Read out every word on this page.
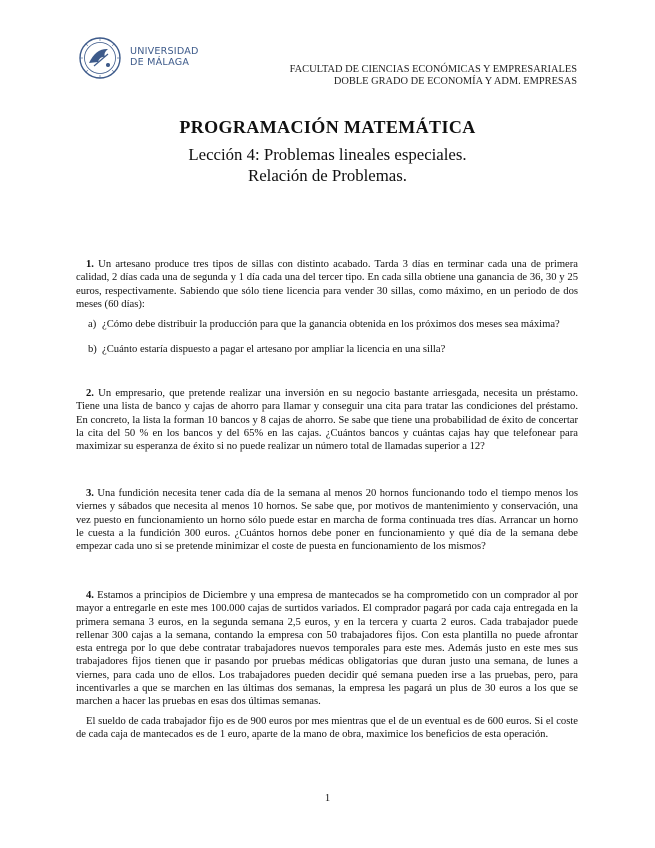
UNIVERSIDAD
DE MÁLAGA
FACULTAD DE CIENCIAS ECONÓMICAS Y EMPRESARIALES
DOBLE GRADO DE ECONOMÍA Y ADM. EMPRESAS
PROGRAMACIÓN MATEMÁTICA
Lección 4: Problemas lineales especiales.
Relación de Problemas.
1. Un artesano produce tres tipos de sillas con distinto acabado. Tarda 3 días en terminar cada una de primera calidad, 2 días cada una de segunda y 1 día cada una del tercer tipo. En cada silla obtiene una ganancia de 36, 30 y 25 euros, respectivamente. Sabiendo que sólo tiene licencia para vender 30 sillas, como máximo, en un periodo de dos meses (60 días):
a) ¿Cómo debe distribuir la producción para que la ganancia obtenida en los próximos dos meses sea máxima?
b) ¿Cuánto estaría dispuesto a pagar el artesano por ampliar la licencia en una silla?
2. Un empresario, que pretende realizar una inversión en su negocio bastante arriesgada, necesita un préstamo. Tiene una lista de banco y cajas de ahorro para llamar y conseguir una cita para tratar las condiciones del préstamo. En concreto, la lista la forman 10 bancos y 8 cajas de ahorro. Se sabe que tiene una probabilidad de éxito de concertar la cita del 50 % en los bancos y del 65% en las cajas. ¿Cuántos bancos y cuántas cajas hay que telefonear para maximizar su esperanza de éxito si no puede realizar un número total de llamadas superior a 12?
3. Una fundición necesita tener cada día de la semana al menos 20 hornos funcionando todo el tiempo menos los viernes y sábados que necesita al menos 10 hornos. Se sabe que, por motivos de mantenimiento y conservación, una vez puesto en funcionamiento un horno sólo puede estar en marcha de forma continuada tres días. Arrancar un horno le cuesta a la fundición 300 euros. ¿Cuántos hornos debe poner en funcionamiento y qué día de la semana debe empezar cada uno si se pretende minimizar el coste de puesta en funcionamiento de los mismos?
4. Estamos a principios de Diciembre y una empresa de mantecados se ha comprometido con un comprador al por mayor a entregarle en este mes 100.000 cajas de surtidos variados. El comprador pagará por cada caja entregada en la primera semana 3 euros, en la segunda semana 2,5 euros, y en la tercera y cuarta 2 euros. Cada trabajador puede rellenar 300 cajas a la semana, contando la empresa con 50 trabajadores fijos. Con esta plantilla no puede afrontar esta entrega por lo que debe contratar trabajadores nuevos temporales para este mes. Además justo en este mes sus trabajadores fijos tienen que ir pasando por pruebas médicas obligatorias que duran justo una semana, de lunes a viernes, para cada uno de ellos. Los trabajadores pueden decidir qué semana pueden irse a las pruebas, pero, para incentivarles a que se marchen en las últimas dos semanas, la empresa les pagará un plus de 30 euros a los que se marchen a hacer las pruebas en esas dos últimas semanas.
El sueldo de cada trabajador fijo es de 900 euros por mes mientras que el de un eventual es de 600 euros. Si el coste de cada caja de mantecados es de 1 euro, aparte de la mano de obra, maximice los beneficios de esta operación.
1
